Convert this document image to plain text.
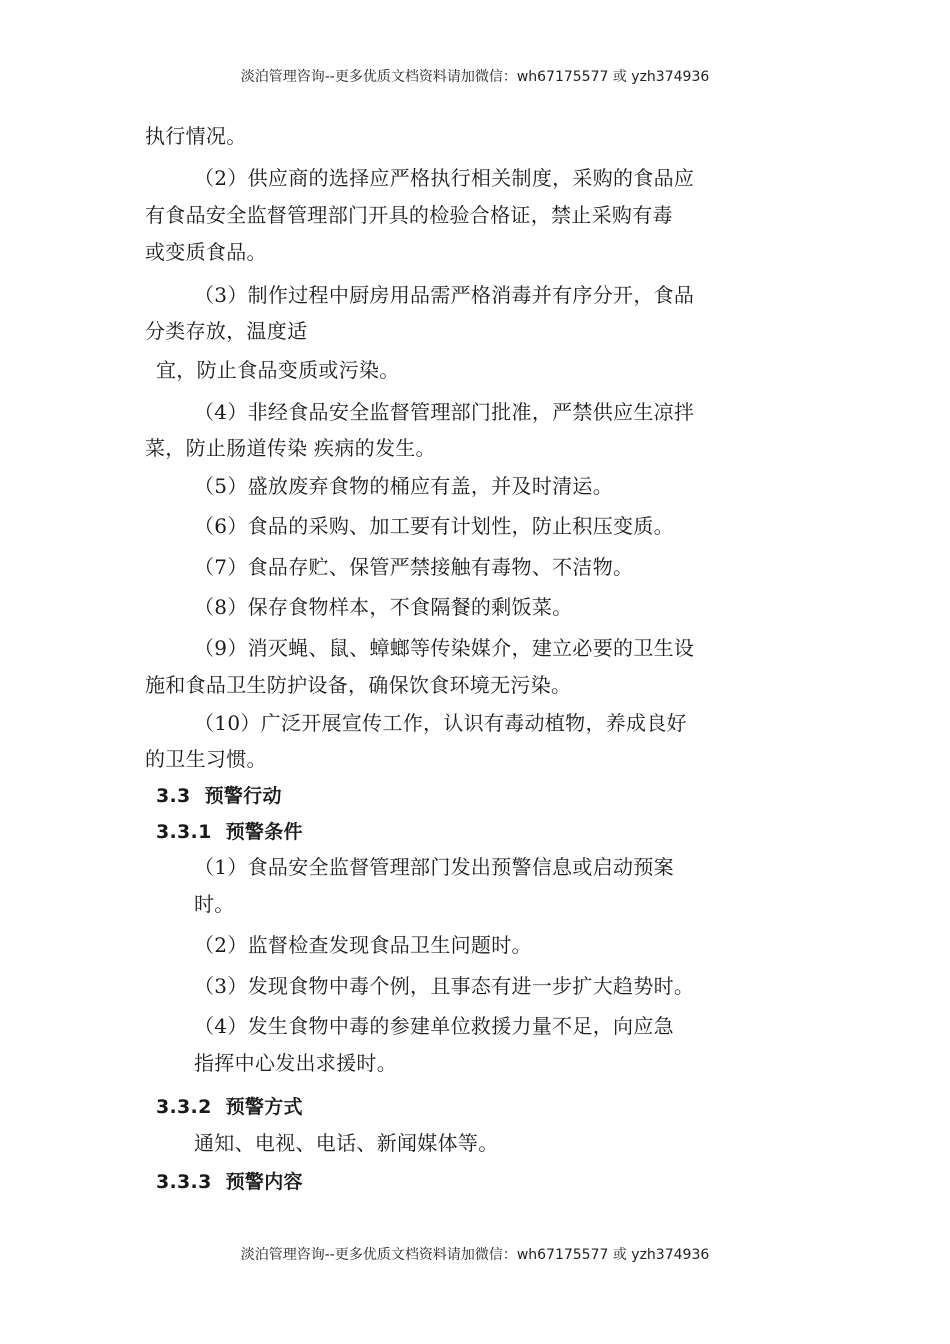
淡泊管理咨询--更多优质文档资料请加微信：wh67175577 或 yzh374936
执行情况。
（2）供应商的选择应严格执行相关制度，采购的食品应
有食品安全监督管理部门开具的检验合格证，禁止采购有毒
或变质食品。
（3）制作过程中厨房用品需严格消毒并有序分开，食品
分类存放，温度适
宜，防止食品变质或污染。
（4）非经食品安全监督管理部门批准，严禁供应生凉拌
菜，防止肠道传染 疾病的发生。
（5）盛放废弃食物的桶应有盖，并及时清运。
（6）食品的采购、加工要有计划性，防止积压变质。
（7）食品存贮、保管严禁接触有毒物、不洁物。
（8）保存食物样本，不食隔餐的剩饭菜。
（9）消灭蝇、鼠、蟑螂等传染媒介，建立必要的卫生设
施和食品卫生防护设备，确保饮食环境无污染。
（10）广泛开展宣传工作，认识有毒动植物，养成良好
的卫生习惯。
3.3 预警行动
3.3.1 预警条件
（1）食品安全监督管理部门发出预警信息或启动预案
时。
（2）监督检查发现食品卫生问题时。
（3）发现食物中毒个例，且事态有进一步扩大趋势时。
（4）发生食物中毒的参建单位救援力量不足，向应急
指挥中心发出求援时。
3.3.2 预警方式
通知、电视、电话、新闻媒体等。
3.3.3 预警内容
淡泊管理咨询--更多优质文档资料请加微信：wh67175577 或 yzh374936
